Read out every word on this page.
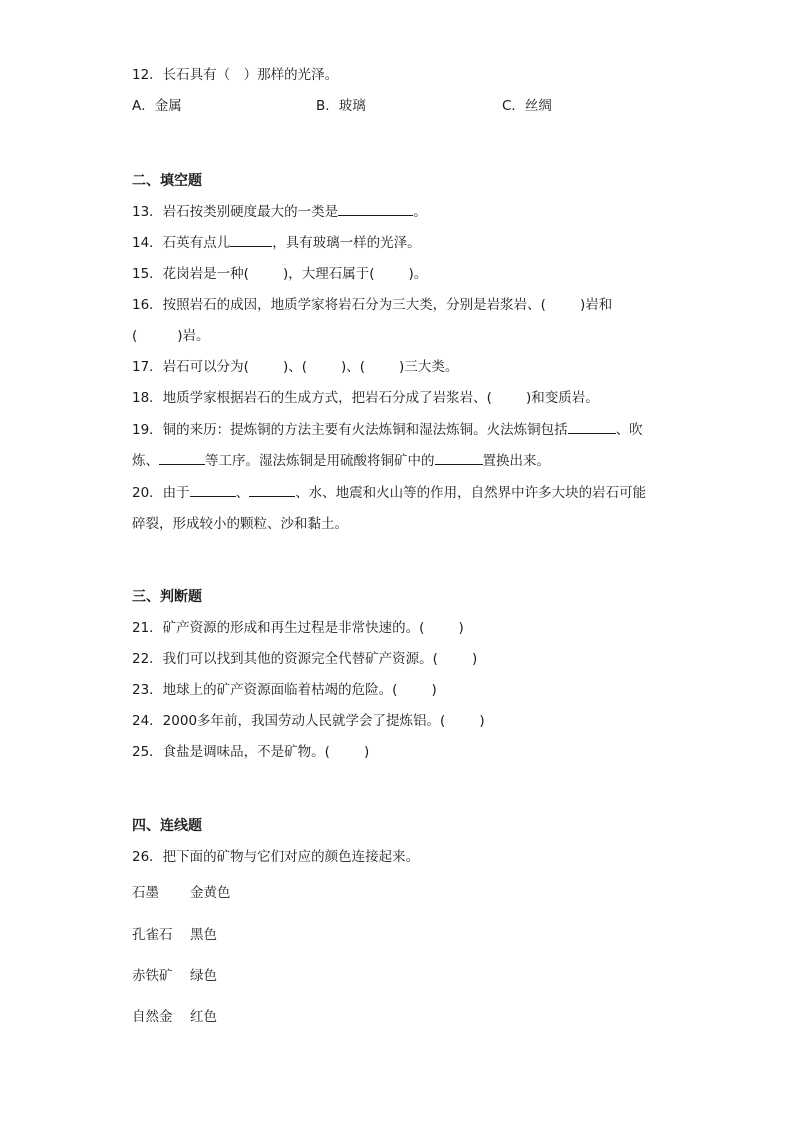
12．长石具有（　）那样的光泽。
A．金属	B．玻璃	C．丝绸
二、填空题
13．岩石按类别硬度最大的一类是	。
14．石英有点儿	，具有玻璃一样的光泽。
15．花岗岩是一种(	)，大理石属于(	)。
16．按照岩石的成因，地质学家将岩石分为三大类，分别是岩浆岩、(	)岩和
(	)岩。
17．岩石可以分为(	)、(	)、(	)三大类。
18．地质学家根据岩石的生成方式，把岩石分成了岩浆岩、(	)和变质岩。
19．铜的来历：提炼铜的方法主要有火法炼铜和湿法炼铜。火法炼铜包括	、吹
炼、	等工序。湿法炼铜是用硫酸将铜矿中的	置换出来。
20．由于	、	、水、地震和火山等的作用，自然界中许多大块的岩石可能
碎裂，形成较小的颗粒、沙和黏土。
三、判断题
21．矿产资源的形成和再生过程是非常快速的。(	)
22．我们可以找到其他的资源完全代替矿产资源。(	)
23．地球上的矿产资源面临着枯竭的危险。(	)
24．2000多年前，我国劳动人民就学会了提炼铝。(	)
25．食盐是调味品，不是矿物。(	)
四、连线题
26．把下面的矿物与它们对应的颜色连接起来。
石墨 金黄色
孔雀石 黑色
赤铁矿 绿色
自然金 红色
